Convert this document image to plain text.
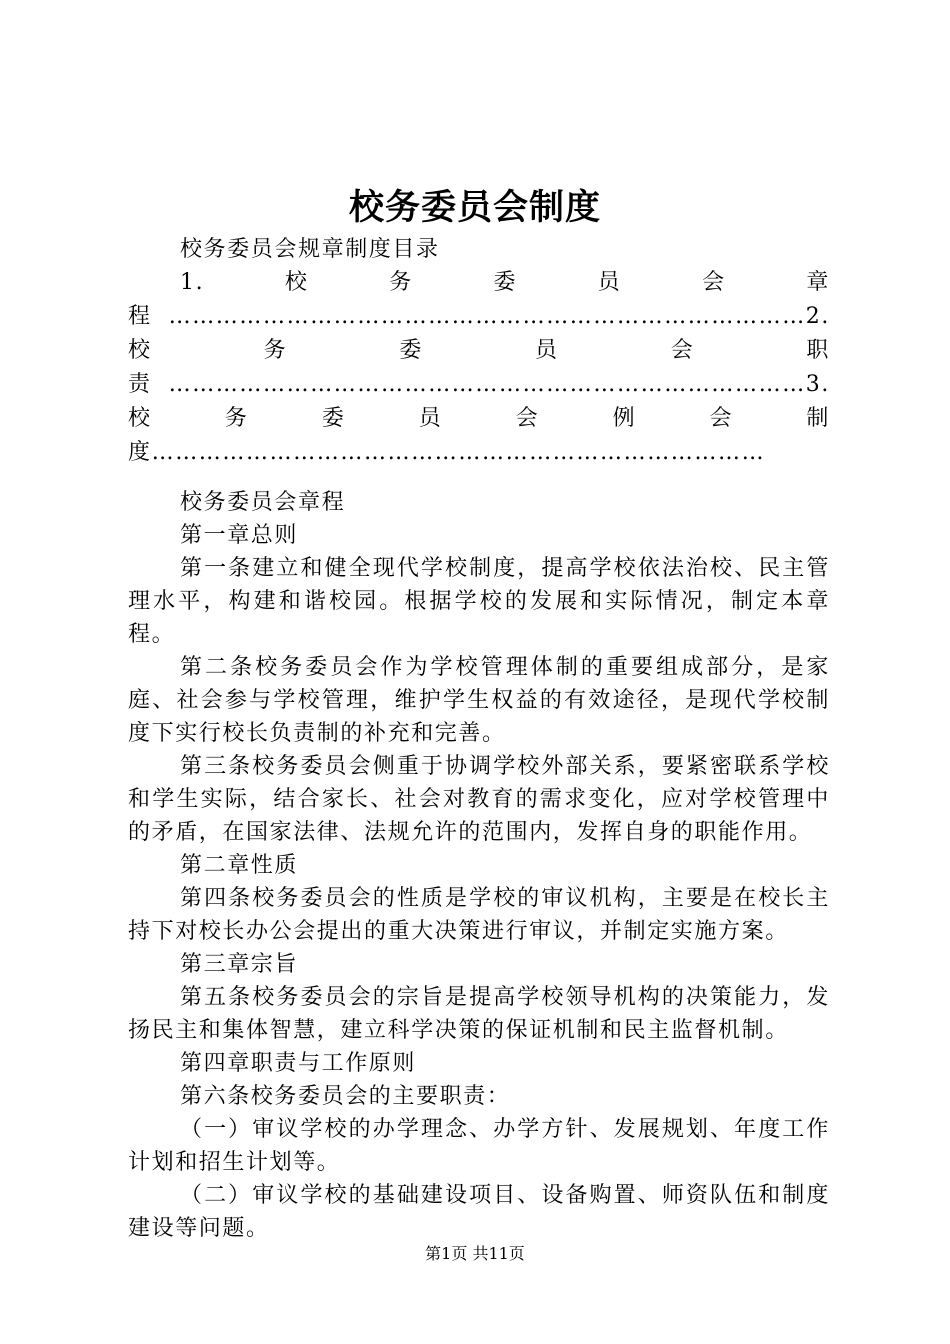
校务委员会制度

校务委员会规章制度目录

1.校务委员会章程………………………………………………………………………2.校务委员会职责………………………………………………………………………3.校务委员会例会制度……………………………………………………………………

校务委员会章程

第一章总则

第一条建立和健全现代学校制度，提高学校依法治校、民主管理水平，构建和谐校园。根据学校的发展和实际情况，制定本章程。

第二条校务委员会作为学校管理体制的重要组成部分，是家庭、社会参与学校管理，维护学生权益的有效途径，是现代学校制度下实行校长负责制的补充和完善。

第三条校务委员会侧重于协调学校外部关系，要紧密联系学校和学生实际，结合家长、社会对教育的需求变化，应对学校管理中的矛盾，在国家法律、法规允许的范围内，发挥自身的职能作用。

第二章性质

第四条校务委员会的性质是学校的审议机构，主要是在校长主持下对校长办公会提出的重大决策进行审议，并制定实施方案。

第三章宗旨

第五条校务委员会的宗旨是提高学校领导机构的决策能力，发扬民主和集体智慧，建立科学决策的保证机制和民主监督机制。

第四章职责与工作原则

第六条校务委员会的主要职责：

（一）审议学校的办学理念、办学方针、发展规划、年度工作计划和招生计划等。

（二）审议学校的基础建设项目、设备购置、师资队伍和制度建设等问题。

第1页 共11页
